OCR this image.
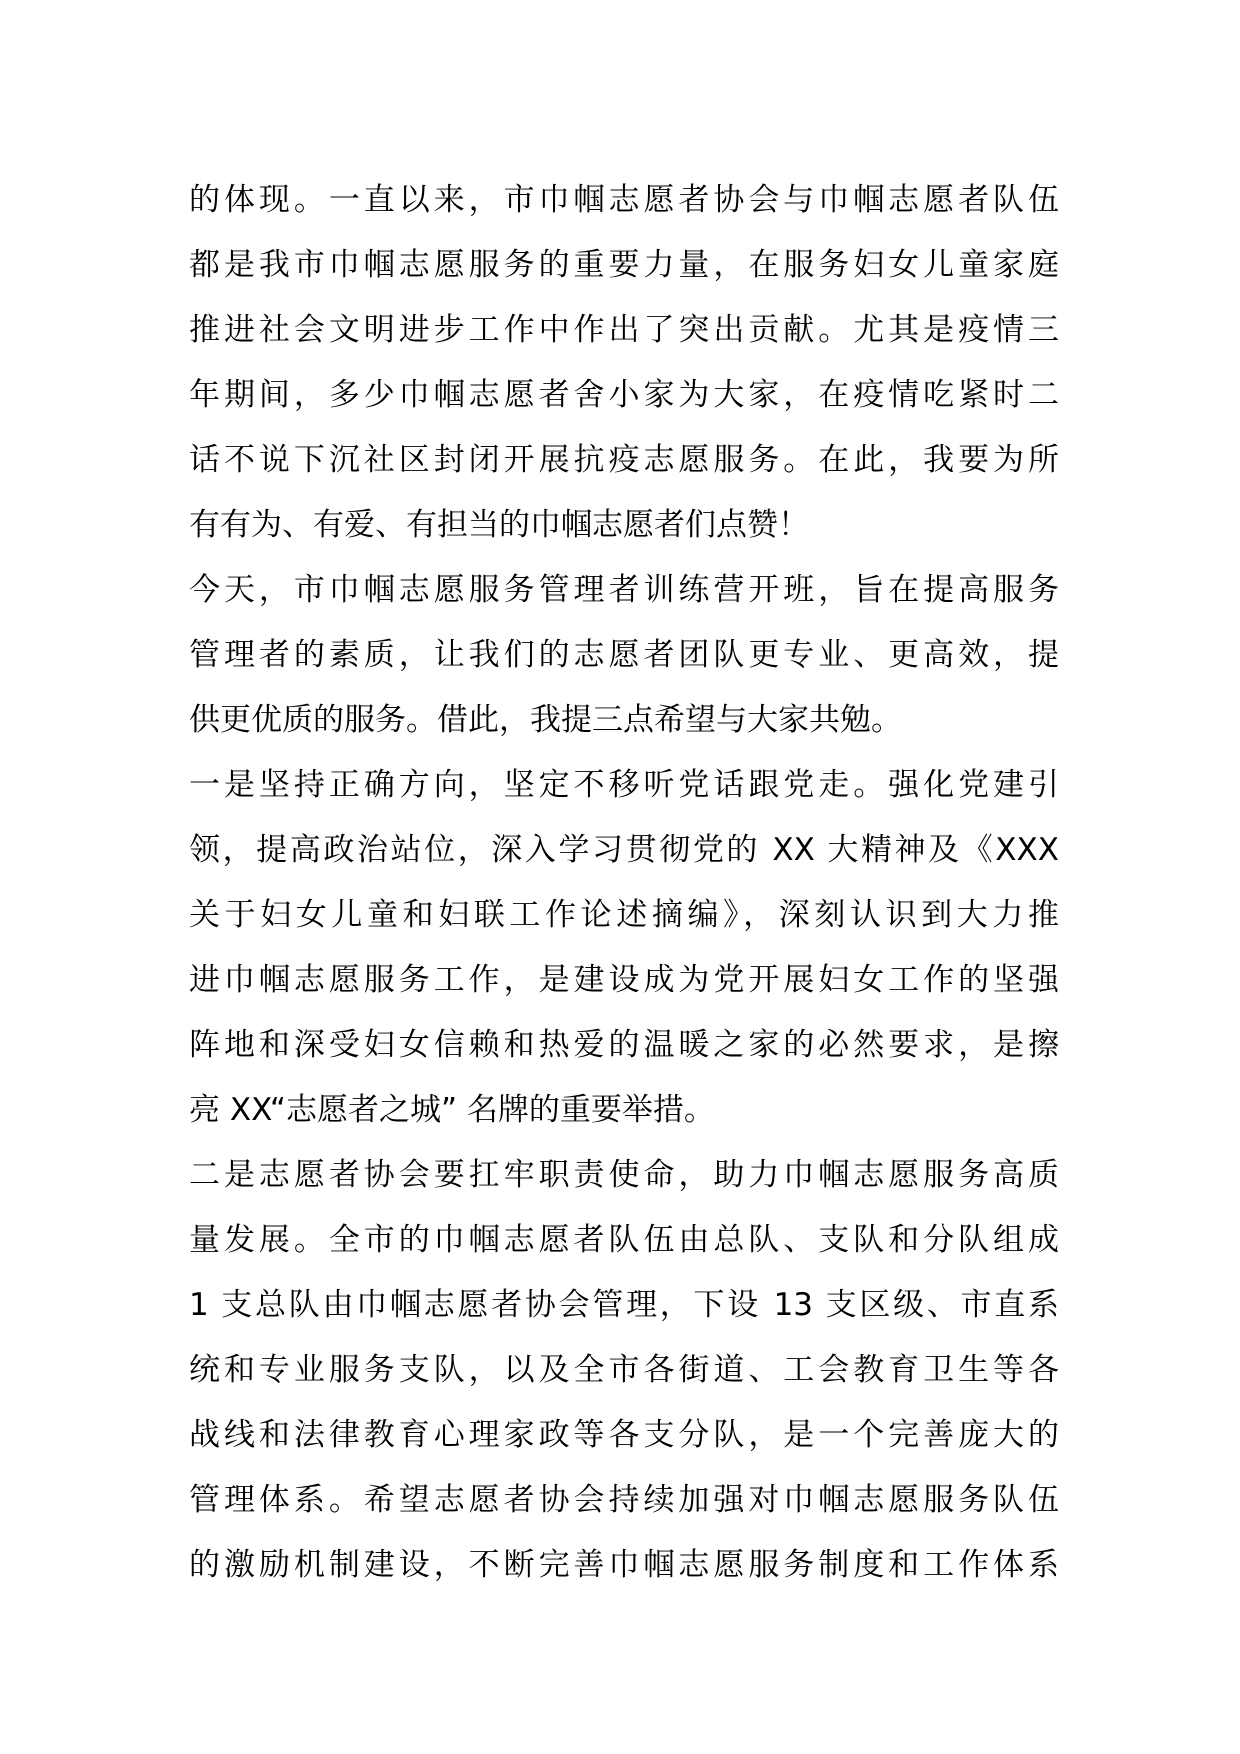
的体现。一直以来，市巾帼志愿者协会与巾帼志愿者队伍
都是我市巾帼志愿服务的重要力量，在服务妇女儿童家庭
推进社会文明进步工作中作出了突出贡献。尤其是疫情三
年期间，多少巾帼志愿者舍小家为大家，在疫情吃紧时二
话不说下沉社区封闭开展抗疫志愿服务。在此，我要为所
有有为、有爱、有担当的巾帼志愿者们点赞！
今天，市巾帼志愿服务管理者训练营开班，旨在提高服务
管理者的素质，让我们的志愿者团队更专业、更高效，提
供更优质的服务。借此，我提三点希望与大家共勉。
一是坚持正确方向，坚定不移听党话跟党走。强化党建引
领，提高政治站位，深入学习贯彻党的 XX 大精神及《XXX
关于妇女儿童和妇联工作论述摘编》，深刻认识到大力推
进巾帼志愿服务工作，是建设成为党开展妇女工作的坚强
阵地和深受妇女信赖和热爱的温暖之家的必然要求，是擦
亮 XX“志愿者之城” 名牌的重要举措。
二是志愿者协会要扛牢职责使命，助力巾帼志愿服务高质
量发展。全市的巾帼志愿者队伍由总队、支队和分队组成
1 支总队由巾帼志愿者协会管理，下设 13 支区级、市直系
统和专业服务支队，以及全市各街道、工会教育卫生等各
战线和法律教育心理家政等各支分队，是一个完善庞大的
管理体系。希望志愿者协会持续加强对巾帼志愿服务队伍
的激励机制建设，不断完善巾帼志愿服务制度和工作体系
